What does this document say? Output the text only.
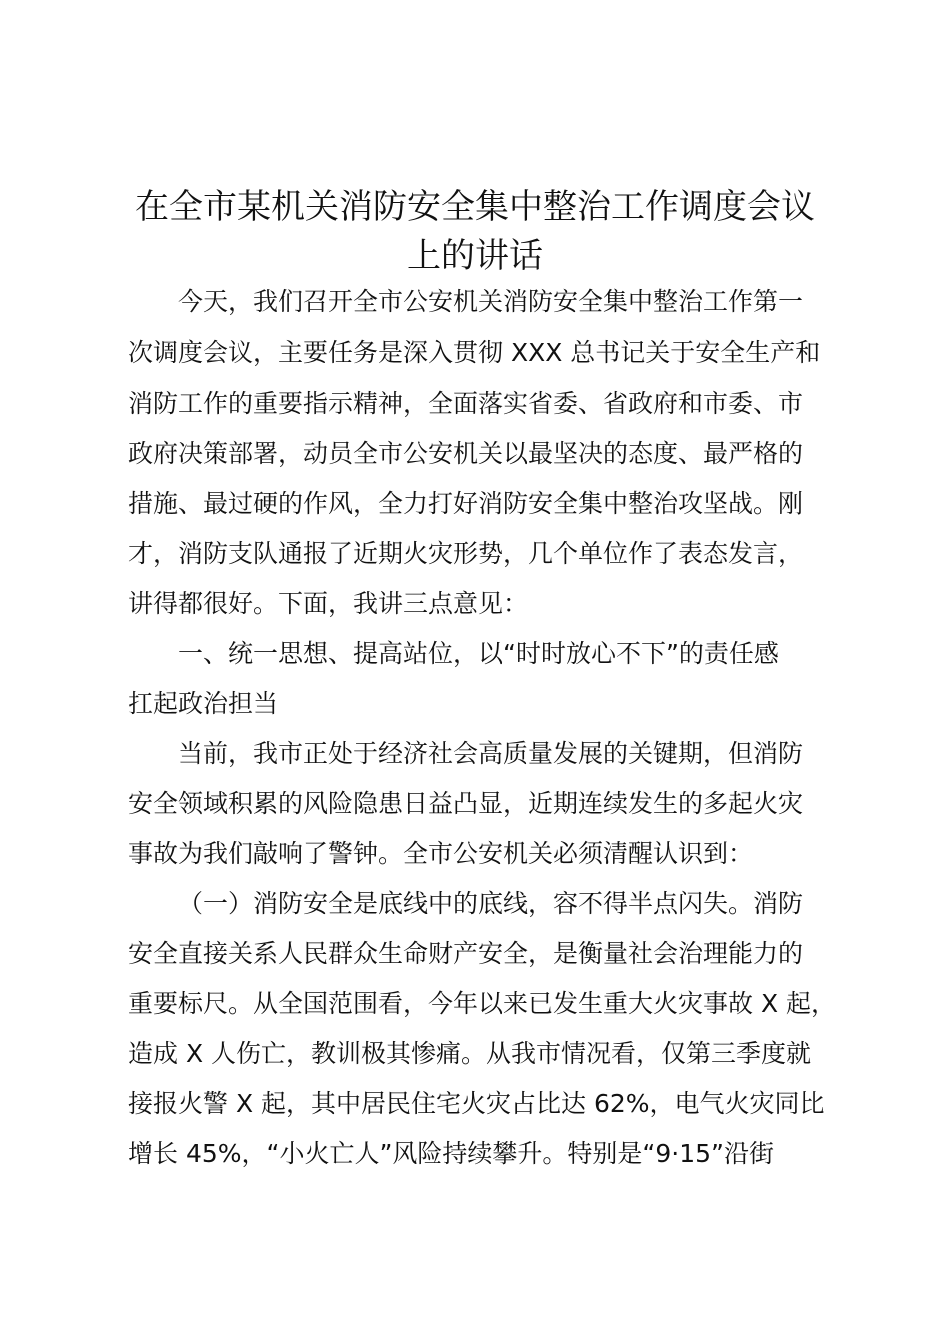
在全市某机关消防安全集中整治工作调度会议
上的讲话

今天，我们召开全市公安机关消防安全集中整治工作第一

次调度会议，主要任务是深入贯彻 XXX 总书记关于安全生产和

消防工作的重要指示精神，全面落实省委、省政府和市委、市

政府决策部署，动员全市公安机关以最坚决的态度、最严格的

措施、最过硬的作风，全力打好消防安全集中整治攻坚战。刚

才，消防支队通报了近期火灾形势，几个单位作了表态发言，

讲得都很好。下面，我讲三点意见：

一、统一思想、提高站位，以“时时放心不下”的责任感

扛起政治担当

当前，我市正处于经济社会高质量发展的关键期，但消防

安全领域积累的风险隐患日益凸显，近期连续发生的多起火灾

事故为我们敲响了警钟。全市公安机关必须清醒认识到：

（一）消防安全是底线中的底线，容不得半点闪失。消防

安全直接关系人民群众生命财产安全，是衡量社会治理能力的

重要标尺。从全国范围看，今年以来已发生重大火灾事故 X 起，

造成 X 人伤亡，教训极其惨痛。从我市情况看，仅第三季度就

接报火警 X 起，其中居民住宅火灾占比达 62%，电气火灾同比

增长 45%，“小火亡人”风险持续攀升。特别是“9·15”沿街
